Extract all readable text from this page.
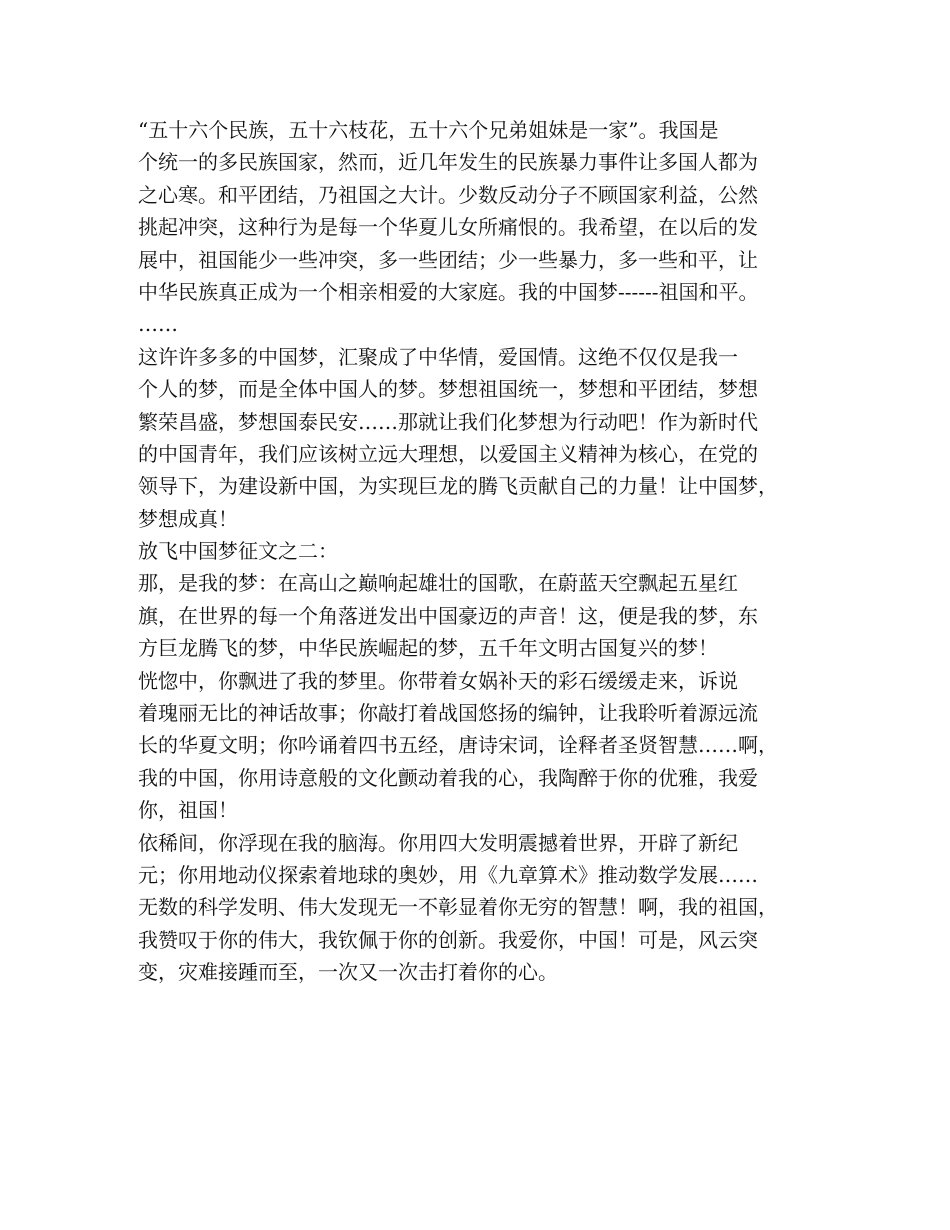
“五十六个民族，五十六枝花，五十六个兄弟姐妹是一家”。我国是
个统一的多民族国家，然而，近几年发生的民族暴力事件让多国人都为
之心寒。和平团结，乃祖国之大计。少数反动分子不顾国家利益，公然
挑起冲突，这种行为是每一个华夏儿女所痛恨的。我希望，在以后的发
展中，祖国能少一些冲突，多一些团结；少一些暴力，多一些和平，让
中华民族真正成为一个相亲相爱的大家庭。我的中国梦------祖国和平。
……
这许许多多的中国梦，汇聚成了中华情，爱国情。这绝不仅仅是我一
个人的梦，而是全体中国人的梦。梦想祖国统一，梦想和平团结，梦想
繁荣昌盛，梦想国泰民安……那就让我们化梦想为行动吧！作为新时代
的中国青年，我们应该树立远大理想，以爱国主义精神为核心，在党的
领导下，为建设新中国，为实现巨龙的腾飞贡献自己的力量！让中国梦，
梦想成真！
放飞中国梦征文之二：
那，是我的梦：在高山之巅响起雄壮的国歌，在蔚蓝天空飘起五星红
旗，在世界的每一个角落迸发出中国豪迈的声音！这，便是我的梦，东
方巨龙腾飞的梦，中华民族崛起的梦，五千年文明古国复兴的梦！
恍惚中，你飘进了我的梦里。你带着女娲补天的彩石缓缓走来，诉说
着瑰丽无比的神话故事；你敲打着战国悠扬的编钟，让我聆听着源远流
长的华夏文明；你吟诵着四书五经，唐诗宋词，诠释者圣贤智慧……啊，
我的中国，你用诗意般的文化颤动着我的心，我陶醉于你的优雅，我爱
你，祖国！
依稀间，你浮现在我的脑海。你用四大发明震撼着世界，开辟了新纪
元；你用地动仪探索着地球的奥妙，用《九章算术》推动数学发展……
无数的科学发明、伟大发现无一不彰显着你无穷的智慧！啊，我的祖国，
我赞叹于你的伟大，我钦佩于你的创新。我爱你，中国！可是，风云突
变，灾难接踵而至，一次又一次击打着你的心。
